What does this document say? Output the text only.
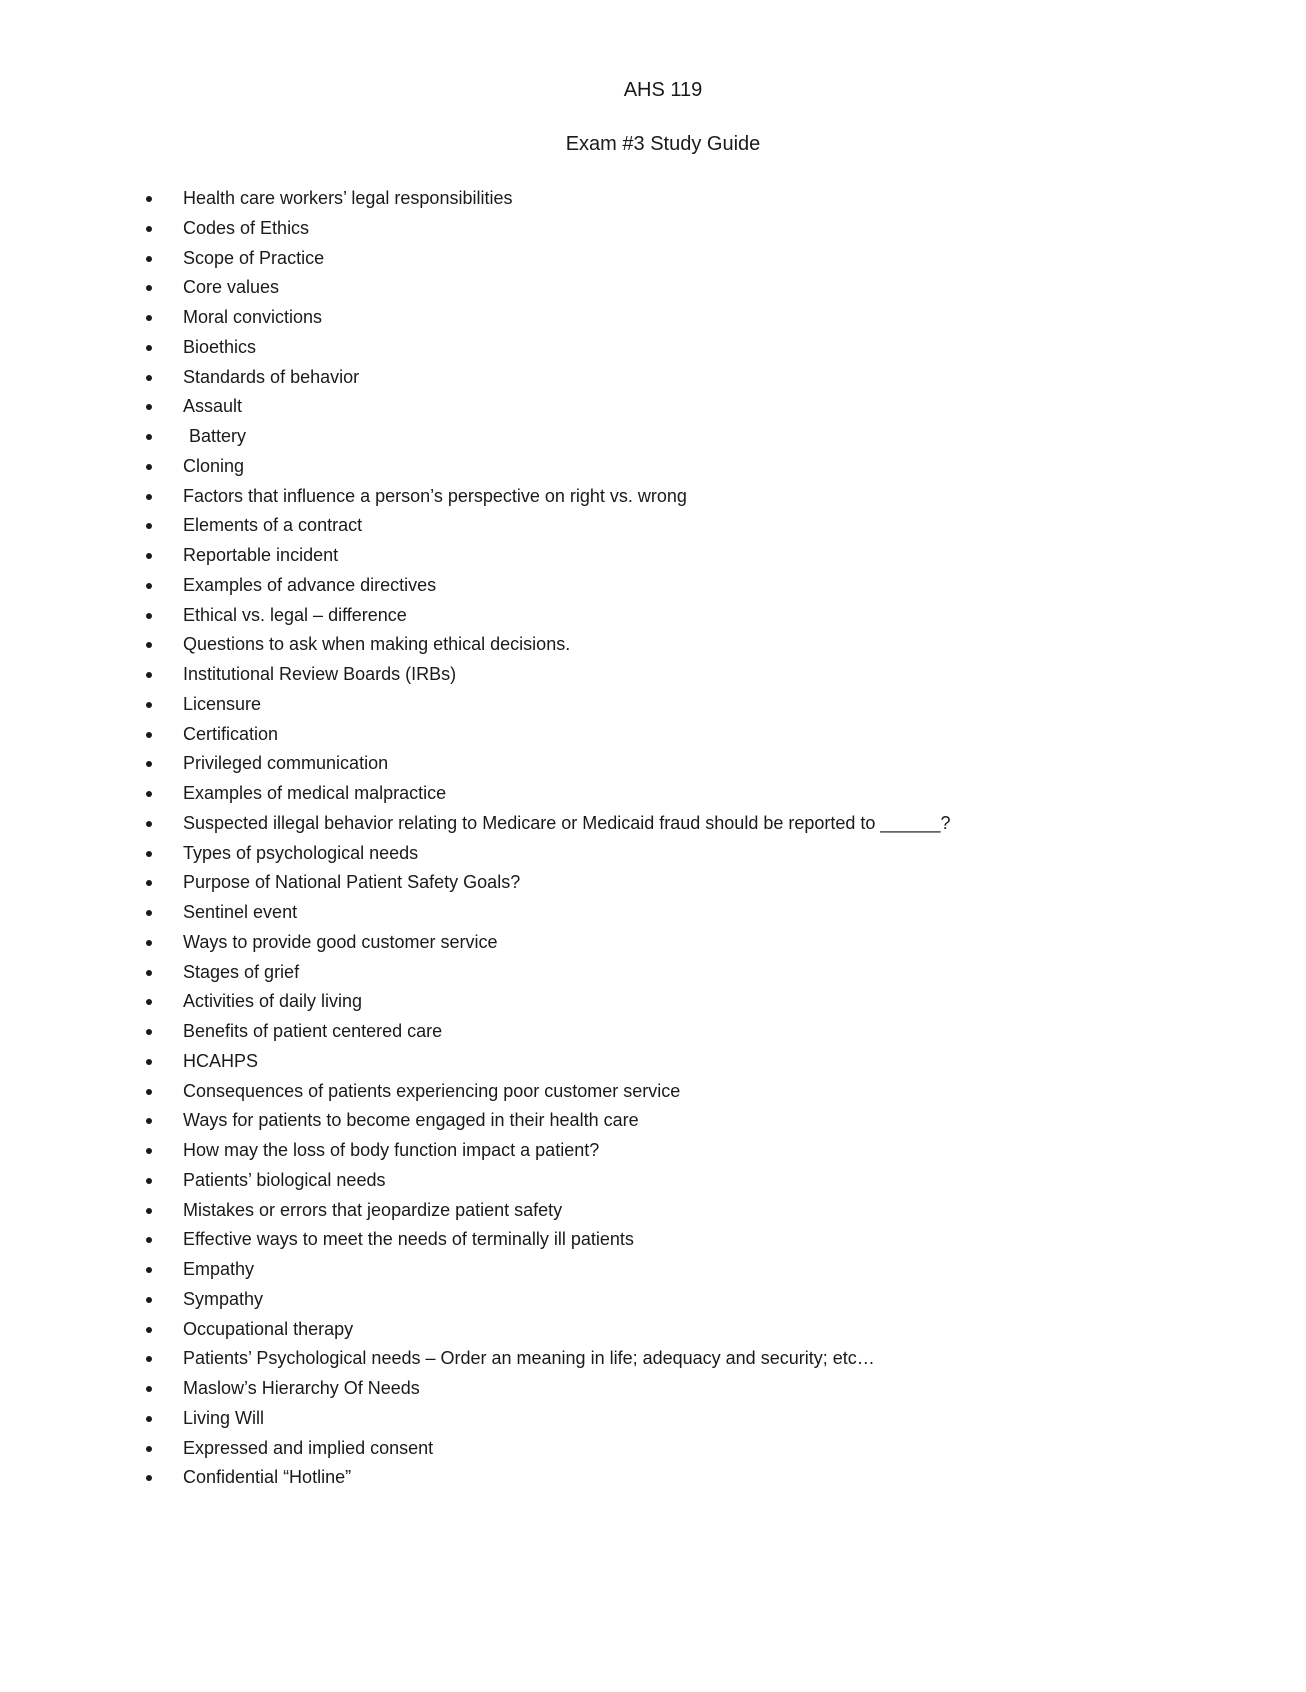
AHS 119
Exam #3 Study Guide
Health care workers’ legal responsibilities
Codes of Ethics
Scope of Practice
Core values
Moral convictions
Bioethics
Standards of behavior
Assault
Battery
Cloning
Factors that influence a person’s perspective on right vs. wrong
Elements of a contract
Reportable incident
Examples of advance directives
Ethical vs. legal – difference
Questions to ask when making ethical decisions.
Institutional Review Boards (IRBs)
Licensure
Certification
Privileged communication
Examples of medical malpractice
Suspected illegal behavior relating to Medicare or Medicaid fraud should be reported to ______?
Types of psychological needs
Purpose of National Patient Safety Goals?
Sentinel event
Ways to provide good customer service
Stages of grief
Activities of daily living
Benefits of patient centered care
HCAHPS
Consequences of patients experiencing poor customer service
Ways for patients to become engaged in their health care
How may the loss of body function impact a patient?
Patients’ biological needs
Mistakes or errors that jeopardize patient safety
Effective ways to meet the needs of terminally ill patients
Empathy
Sympathy
Occupational therapy
Patients’ Psychological needs – Order an meaning in life; adequacy and security; etc…
Maslow’s Hierarchy Of Needs
Living Will
Expressed and implied consent
Confidential “Hotline”
